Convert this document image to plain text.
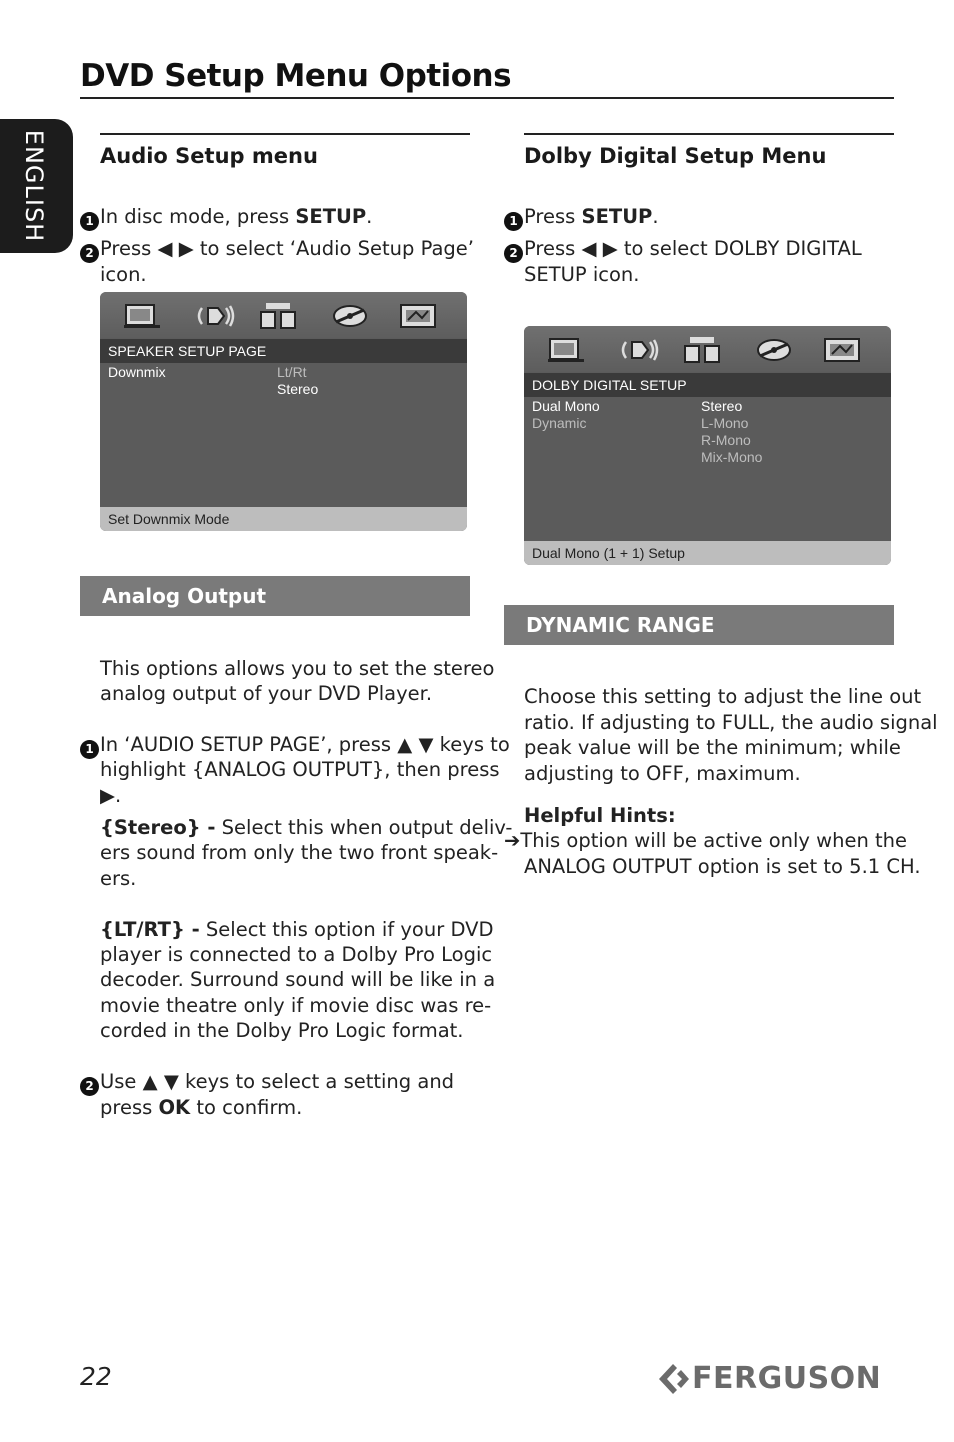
DVD Setup Menu Options
ENGLISH Audio Setup menu
1 In disc mode, press SETUP.
2 Press ◀ ▶ to select ‘Audio Setup Page’
icon.
SPEAKER SETUP PAGE
Downmix	Lt/Rt
Stereo
Set Downmix Mode
Analog Output
This options allows you to set the stereo
analog output of your DVD Player.
1 In ‘AUDIO SETUP PAGE’, press ▲ ▼ keys to
highlight {ANALOG OUTPUT}, then press
▶.
{Stereo} - Select this when output deliv-
ers sound from only the two front speak-
ers.
{LT/RT} - Select this option if your DVD
player is connected to a Dolby Pro Logic
decoder. Surround sound will be like in a
movie theatre only if movie disc was re-
corded in the Dolby Pro Logic format.
2 Use ▲ ▼ keys to select a setting and
press OK to confirm.
Dolby Digital Setup Menu
1 Press SETUP.
2 Press ◀ ▶ to select DOLBY DIGITAL
SETUP icon.
DOLBY DIGITAL SETUP
Dual Mono
Dynamic
Stereo
L-Mono
R-Mono
Mix-Mono
Dual Mono (1 + 1) Setup
DYNAMIC RANGE
Choose this setting to adjust the line out
ratio. If adjusting to FULL, the audio signal
peak value will be the minimum; while
adjusting to OFF, maximum.
Helpful Hints:
➔This option will be active only when the
ANALOG OUTPUT option is set to 5.1 CH.
22	FERGUSON
